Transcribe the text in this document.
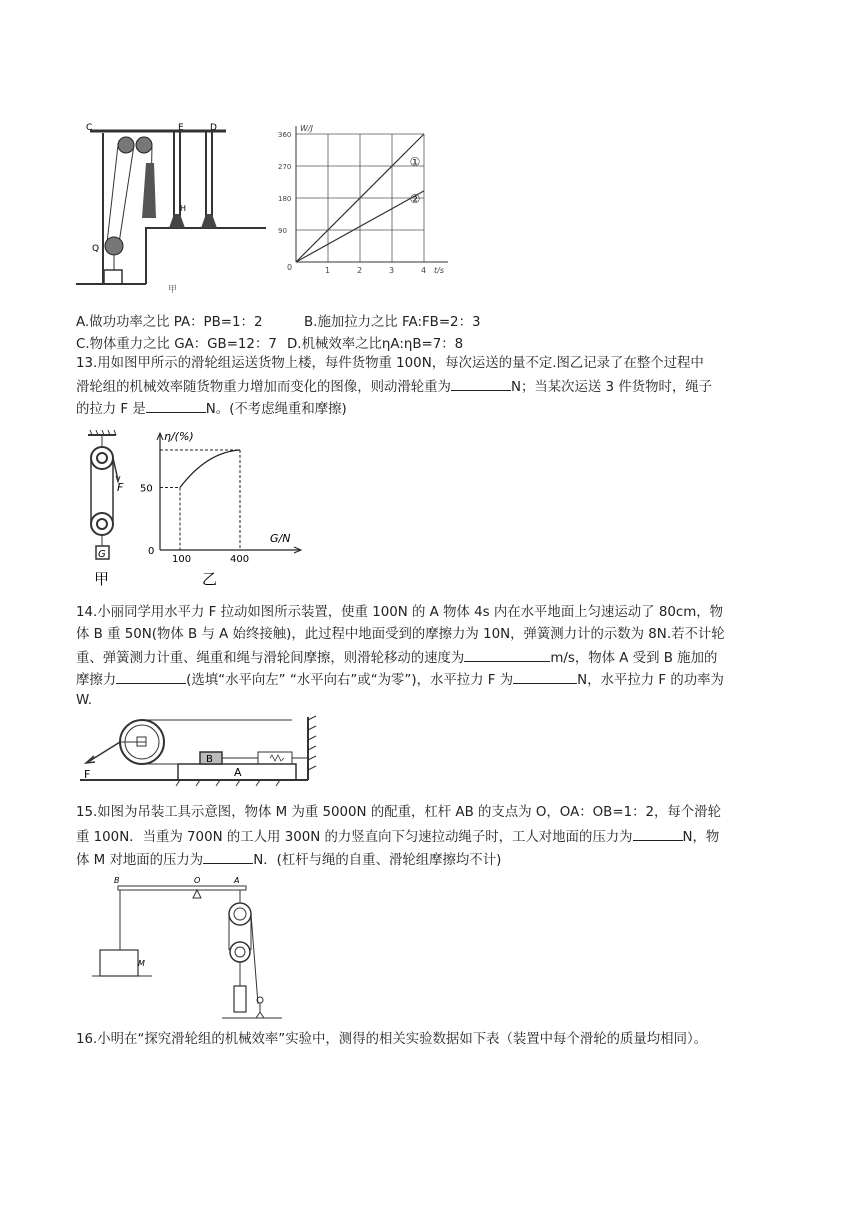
C	E	D
H
Q
甲
1	2	3	4
90
180
270
360
0
W/J
t/s
①
②
A.做功功率之比 PA：PB=1：2	B.施加拉力之比 FA:FB=2：3
C.物体重力之比 GA：GB=12：7 D.机械效率之比ηA:ηB=7：8
13.用如图甲所示的滑轮组运送货物上楼，每件货物重 100N，每次运送的量不定.图乙记录了在整个过程中
滑轮组的机械效率随货物重力增加而变化的图像，则动滑轮重为	N；当某次运送 3 件货物时，绳子
的拉力 F 是	N。(不考虑绳重和摩擦)
F
G
甲
50
0
100	400
η/(%)
G/N
乙
14.小丽同学用水平力 F 拉动如图所示装置，使重 100N 的 A 物体 4s 内在水平地面上匀速运动了 80cm，物
体 B 重 50N(物体 B 与 A 始终接触)，此过程中地面受到的摩擦力为 10N，弹簧测力计的示数为 8N.若不计轮
重、弹簧测力计重、绳重和绳与滑轮间摩擦，则滑轮移动的速度为	m/s，物体 A 受到 B 施加的
摩擦力	(选填“水平向左” “水平向右”或“为零”)，水平拉力 F 为	N，水平拉力 F 的功率为
W.
F	A
B
15.如图为吊装工具示意图，物体 M 为重 5000N 的配重，杠杆 AB 的支点为 O，OA：OB=1：2，每个滑轮
重 100N．当重为 700N 的工人用 300N 的力竖直向下匀速拉动绳子时，工人对地面的压力为	N，物
体 M 对地面的压力为	N．(杠杆与绳的自重、滑轮组摩擦均不计)
B	O	A
M
16.小明在“探究滑轮组的机械效率”实验中，测得的相关实验数据如下表（装置中每个滑轮的质量均相同）。
